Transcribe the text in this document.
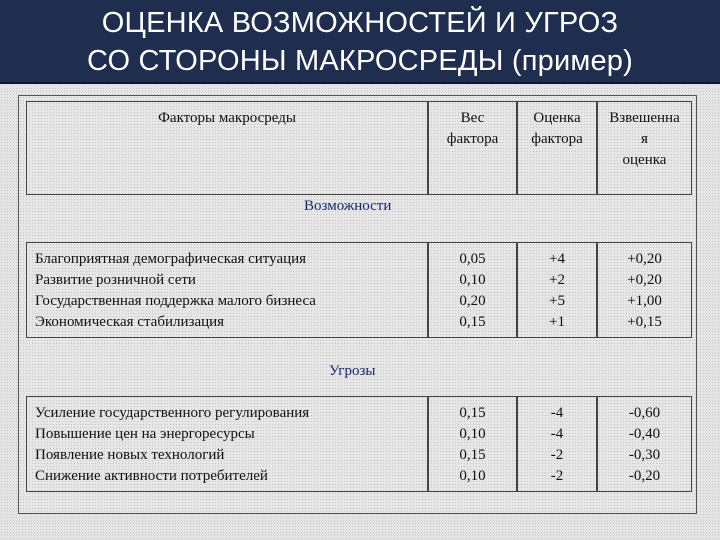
ОЦЕНКА ВОЗМОЖНОСТЕЙ И УГРОЗ
СО СТОРОНЫ МАКРОСРЕДЫ (пример)
Факторы макросреды	Вес
фактора
Оценка
фактора
Взвешенна
я
оценка
Возможности
Благоприятная демографическая ситуация
Развитие розничной сети
Государственная поддержка малого бизнеса
Экономическая стабилизация
0,05
0,10
0,20
0,15
+4
+2
+5
+1
+0,20
+0,20
+1,00
+0,15
Угрозы
Усиление государственного регулирования
Повышение цен на энергоресурсы
Появление новых технологий
Снижение активности потребителей
0,15
0,10
0,15
0,10
-4
-4
-2
-2
-0,60
-0,40
-0,30
-0,20
